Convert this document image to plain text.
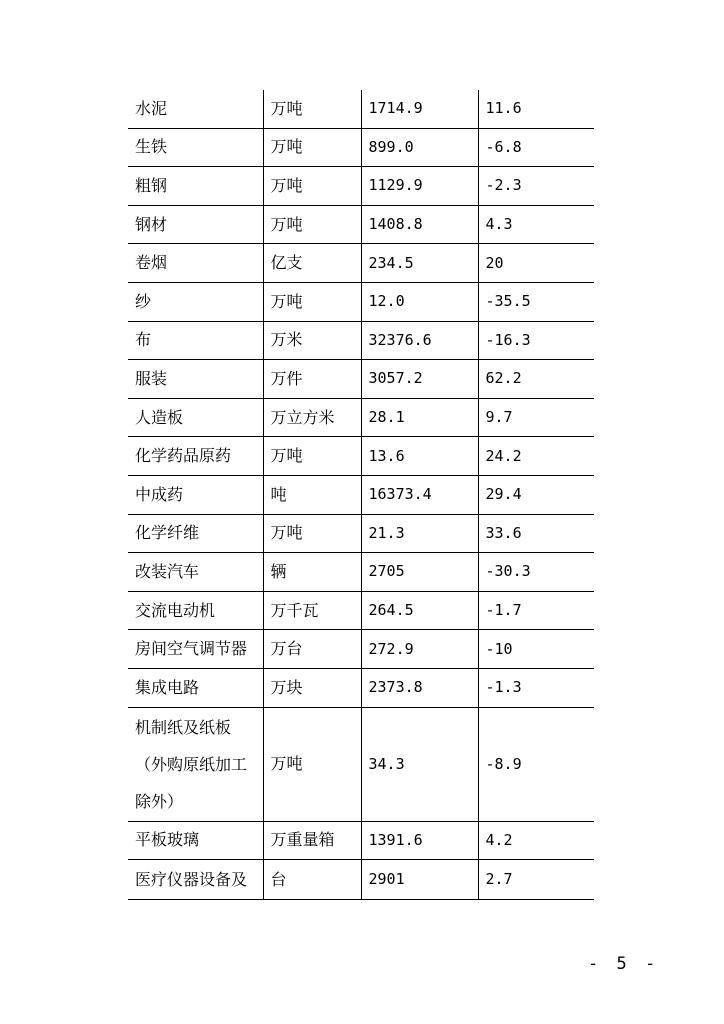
水泥	万吨	1714.9	11.6
生铁	万吨	899.0	-6.8
粗钢	万吨	1129.9	-2.3
钢材	万吨	1408.8	4.3
卷烟	亿支	234.5	20
纱	万吨	12.0	-35.5
布	万米	32376.6	-16.3
服装	万件	3057.2	62.2
人造板	万立方米	28.1	9.7
化学药品原药	万吨	13.6	24.2
中成药	吨	16373.4	29.4
化学纤维	万吨	21.3	33.6
改装汽车	辆	2705	-30.3
交流电动机	万千瓦	264.5	-1.7
房间空气调节器	万台	272.9	-10
集成电路	万块	2373.8	-1.3
机制纸及纸板（外购原纸加工除外）	万吨	34.3	-8.9
平板玻璃	万重量箱	1391.6	4.2
医疗仪器设备及	台	2901	2.7
- 5 -
